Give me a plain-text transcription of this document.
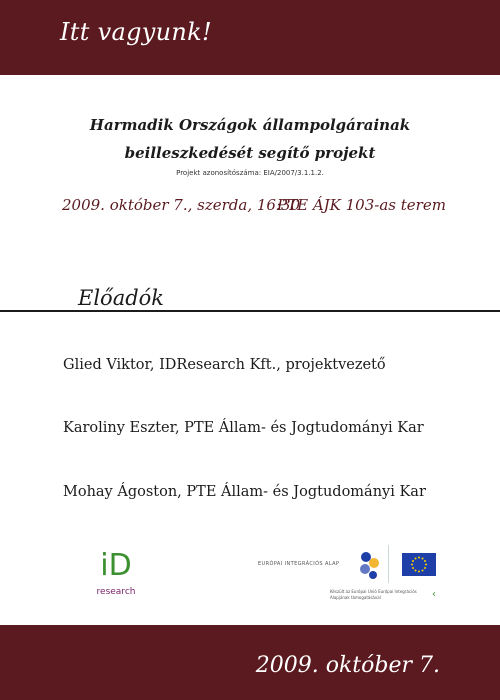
Itt vagyunk!
Harmadik Országok állampolgárainak
beilleszkedését segítő projekt
Projekt azonosítószáma: EIA/2007/3.1.1.2.
2009. október 7., szerda, 16:30
PTE ÁJK 103-as terem
Előadók
Glied Viktor, IDResearch Kft., projektvezető
Karoliny Eszter, PTE Állam- és Jogtudományi Kar
Mohay Ágoston, PTE Állam- és Jogtudományi Kar
iD
research
EURÓPAI INTEGRÁCIÓS ALAP
Készült az Európai Unió Európai Integrációs Alapjának támogatásával	‹
2009. október 7.
